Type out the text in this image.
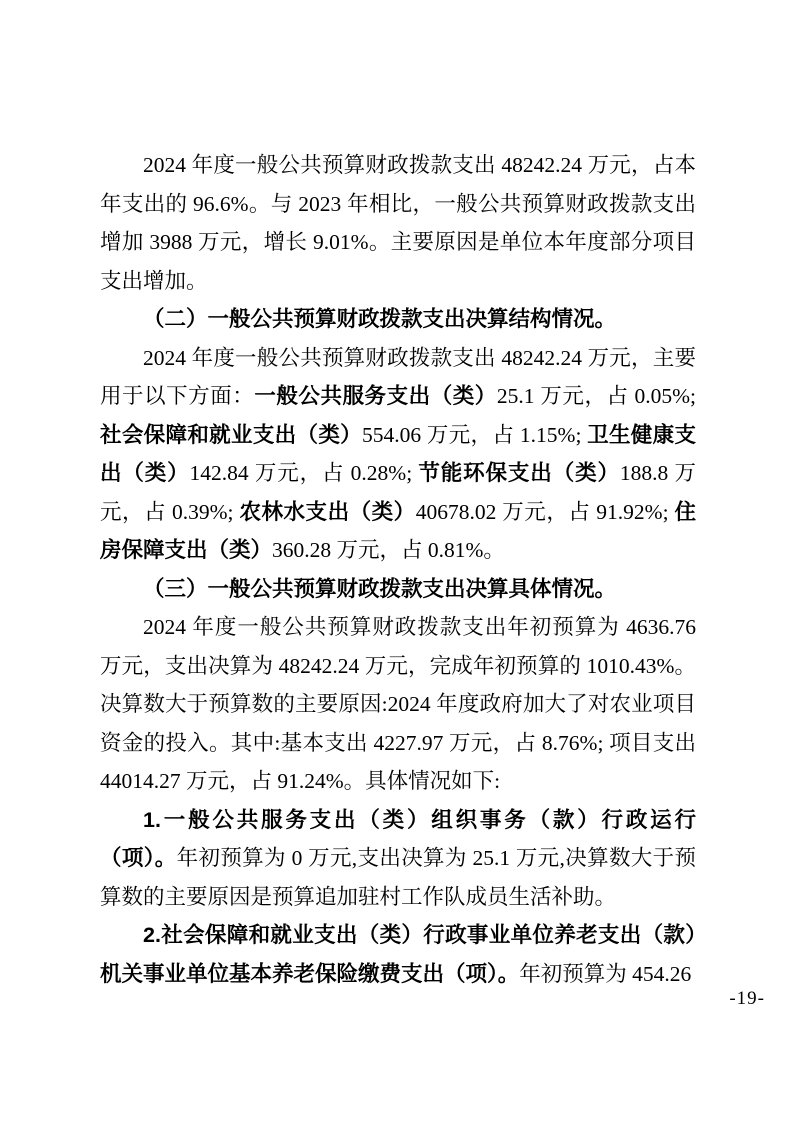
2024 年度一般公共预算财政拨款支出 48242.24 万元，占本年支出的 96.6%。与 2023 年相比，一般公共预算财政拨款支出增加 3988 万元，增长 9.01%。主要原因是单位本年度部分项目支出增加。

（二）一般公共预算财政拨款支出决算结构情况。

2024 年度一般公共预算财政拨款支出 48242.24 万元，主要用于以下方面：一般公共服务支出（类）25.1 万元，占 0.05%; 社会保障和就业支出（类）554.06 万元，占 1.15%; 卫生健康支出（类）142.84 万元，占 0.28%; 节能环保支出（类）188.8 万元，占 0.39%; 农林水支出（类）40678.02 万元，占 91.92%; 住房保障支出（类）360.28 万元，占 0.81%。

（三）一般公共预算财政拨款支出决算具体情况。

2024 年度一般公共预算财政拨款支出年初预算为 4636.76 万元，支出决算为 48242.24 万元，完成年初预算的 1010.43%。决算数大于预算数的主要原因:2024 年度政府加大了对农业项目资金的投入。其中:基本支出 4227.97 万元，占 8.76%; 项目支出 44014.27 万元，占 91.24%。具体情况如下:

1.一般公共服务支出（类）组织事务（款）行政运行（项）。年初预算为 0 万元,支出决算为 25.1 万元,决算数大于预算数的主要原因是预算追加驻村工作队成员生活补助。

2.社会保障和就业支出（类）行政事业单位养老支出（款）机关事业单位基本养老保险缴费支出（项）。年初预算为 454.26

-19-
